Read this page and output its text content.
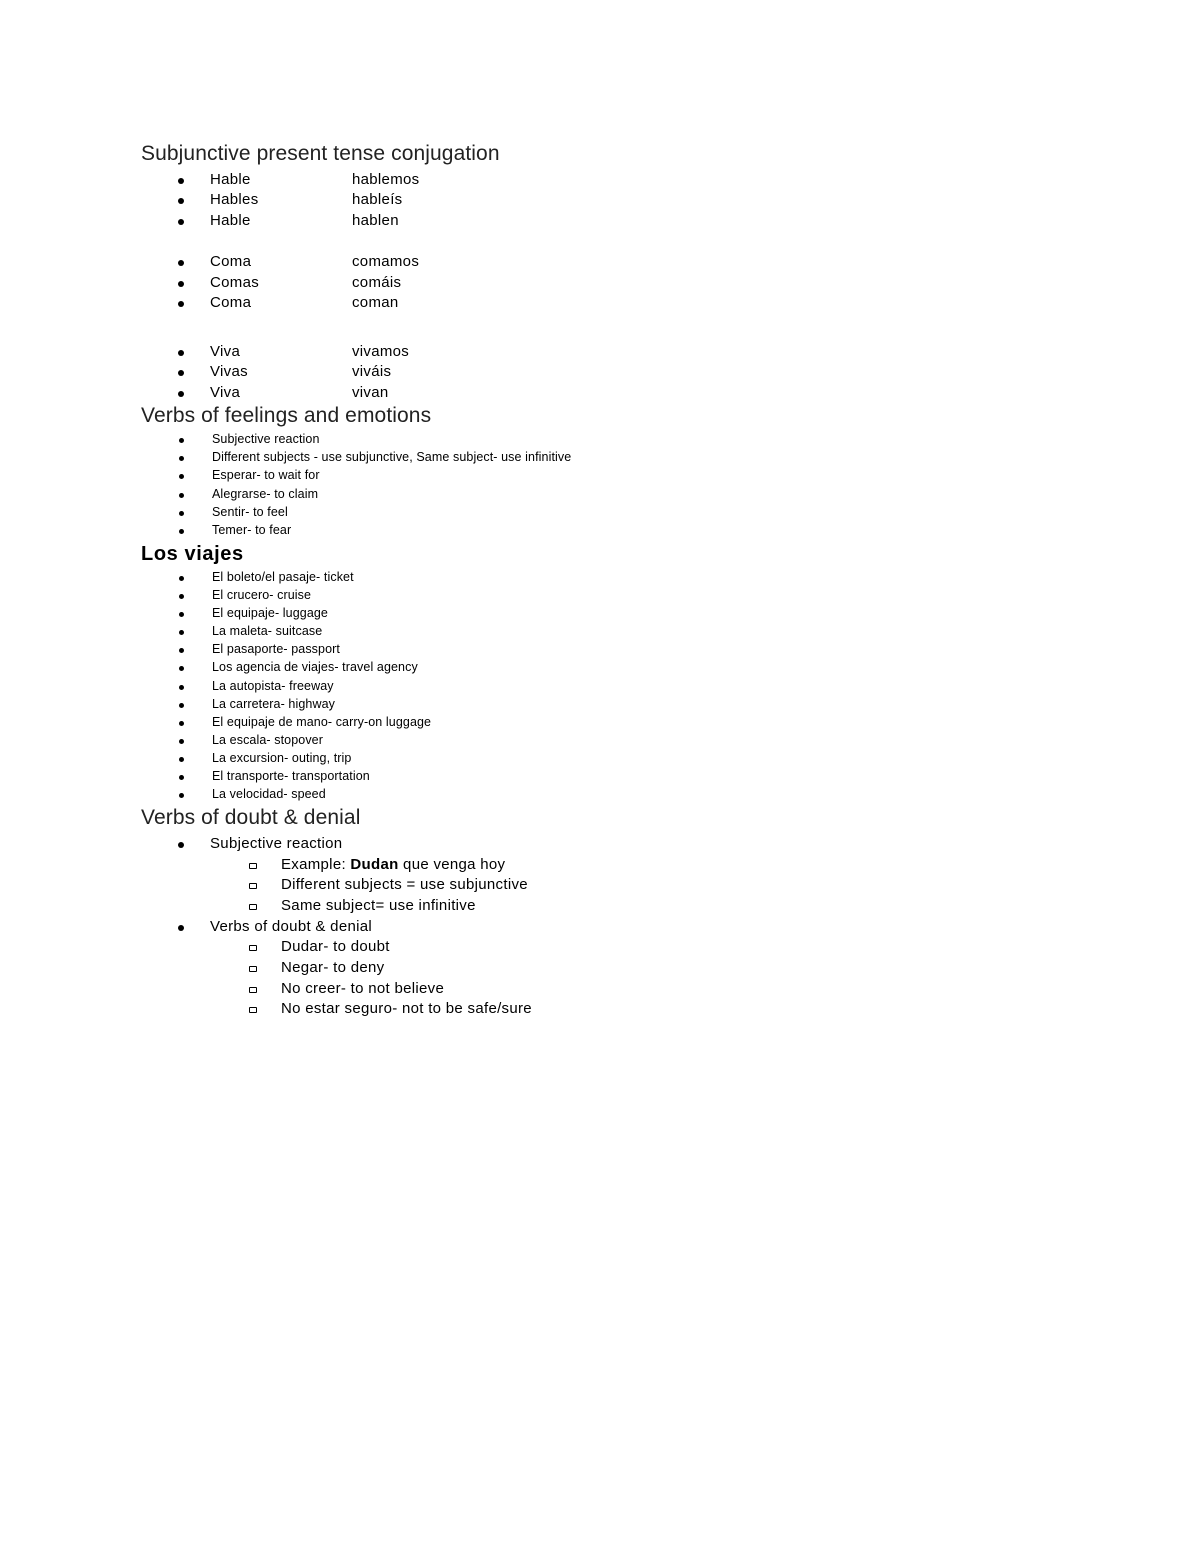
Subjunctive present tense conjugation
Hable	hablemos
Hables	hableís
Hable	hablen
Coma	comamos
Comas	comáis
Coma	coman
Viva	vivamos
Vivas	viváis
Viva	vivan
Verbs of feelings and emotions
Subjective reaction
Different subjects - use subjunctive, Same subject- use infinitive
Esperar- to wait for
Alegrarse- to claim
Sentir- to feel
Temer- to fear
Los viajes
El boleto/el pasaje- ticket
El crucero- cruise
El equipaje- luggage
La maleta- suitcase
El pasaporte- passport
Los agencia de viajes- travel agency
La autopista- freeway
La carretera- highway
El equipaje de mano- carry-on luggage
La escala- stopover
La excursion- outing, trip
El transporte- transportation
La velocidad- speed
Verbs of doubt & denial
Subjective reaction
Example: Dudan que venga hoy
Different subjects = use subjunctive
Same subject= use infinitive
Verbs of doubt & denial
Dudar- to doubt
Negar- to deny
No creer- to not believe
No estar seguro- not to be safe/sure
